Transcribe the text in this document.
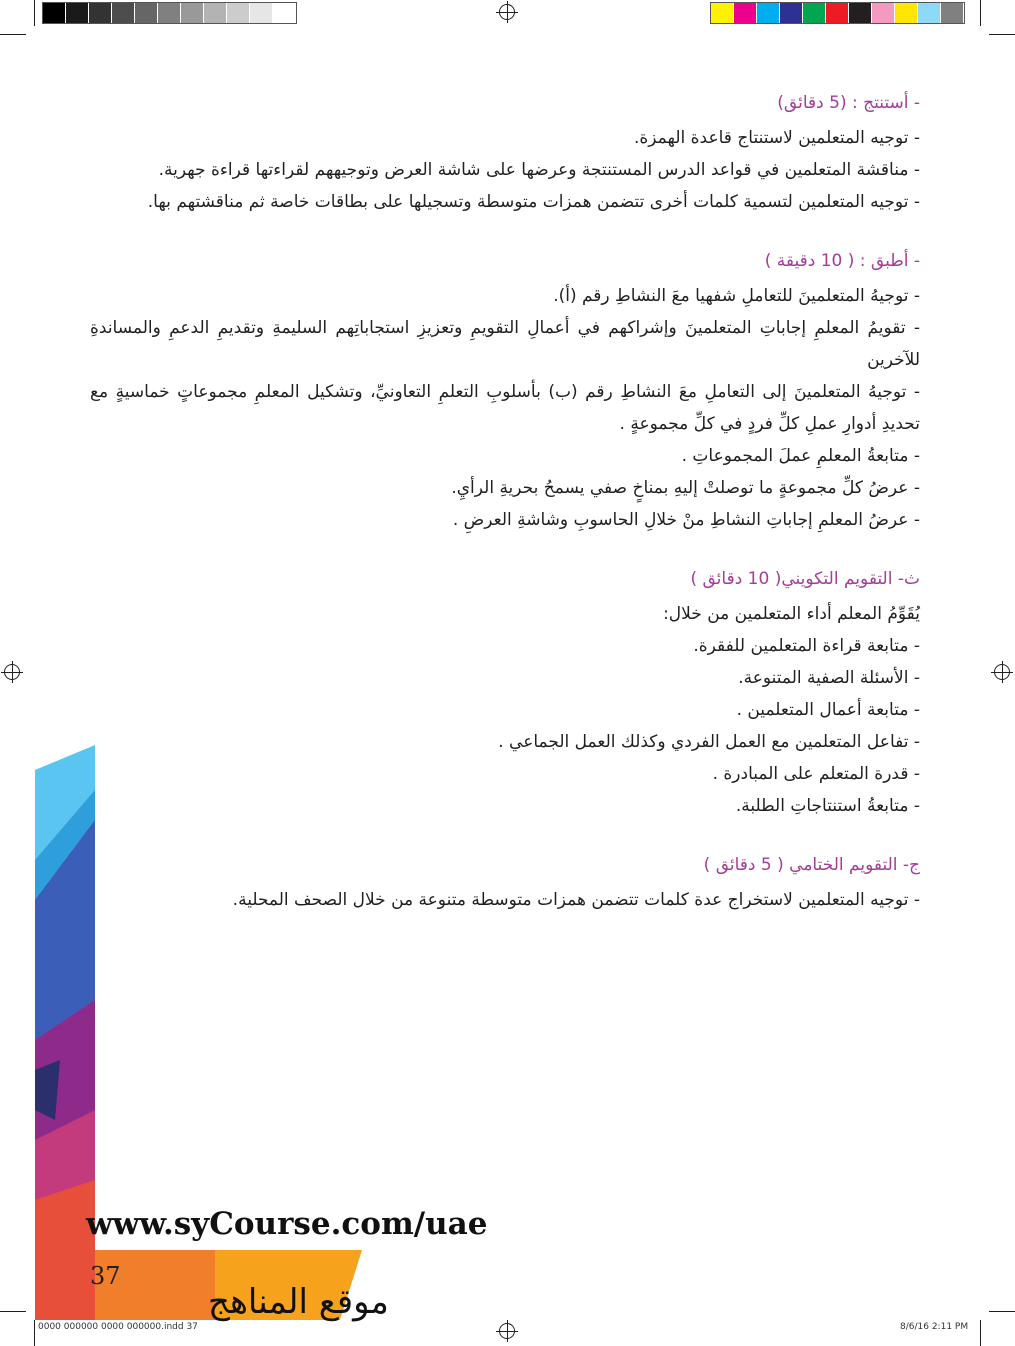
- أستنتج : (5 دقائق)

- توجيه المتعلمين لاستنتاج قاعدة الهمزة.

- مناقشة المتعلمين في قواعد الدرس المستنتجة وعرضها على شاشة العرض وتوجيههم لقراءتها قراءة جهرية.

- توجيه المتعلمين لتسمية كلمات أخرى تتضمن همزات متوسطة وتسجيلها على بطاقات خاصة ثم مناقشتهم بها.

- أطبق : ( 10 دقيقة )

- توجيهُ المتعلمينَ للتعاملِ شفهيا معَ النشاطِ رقم (أ).

- تقويمُ المعلمِ إجاباتِ المتعلمينَ وإشراكهم في أعمالِ التقويمِ وتعزيزِ استجاباتِهم السليمةِ وتقديمِ الدعمِ والمساندةِ للآخرين

- توجيهُ المتعلمينَ إلى التعاملِ معَ النشاطِ رقم (ب) بأسلوبِ التعلمِ التعاونيِّ، وتشكيل المعلمِ مجموعاتٍ خماسيةٍ مع تحديدِ أدوارِ عملِ كلِّ فردٍ في كلِّ مجموعةٍ .

- متابعةُ المعلمِ عملَ المجموعاتِ .

- عرضُ كلِّ مجموعةٍ ما توصلتْ إليهِ بمناخٍ صفي يسمحُ بحريةِ الرأيِ.

- عرضُ المعلمِ إجاباتِ النشاطِ منْ خلالِ الحاسوبِ وشاشةِ العرضِ .

ث- التقويم التكويني( 10 دقائق )

يُقَوِّمُ المعلم أداء المتعلمين من خلال:

- متابعة قراءة المتعلمين للفقرة.

- الأسئلة الصفية المتنوعة.

- متابعة أعمال المتعلمين .

- تفاعل المتعلمين مع العمل الفردي وكذلك العمل الجماعي .

- قدرة المتعلم على المبادرة .

- متابعةُ استنتاجاتِ الطلبة.

ج- التقويم الختامي ( 5 دقائق )

- توجيه المتعلمين لاستخراج عدة كلمات تتضمن همزات متوسطة متنوعة من خلال الصحف المحلية.

www.syCourse.com/uae
37
موقع المناهج
0000 000000 0000 000000.indd 37	8/6/16 2:11 PM
